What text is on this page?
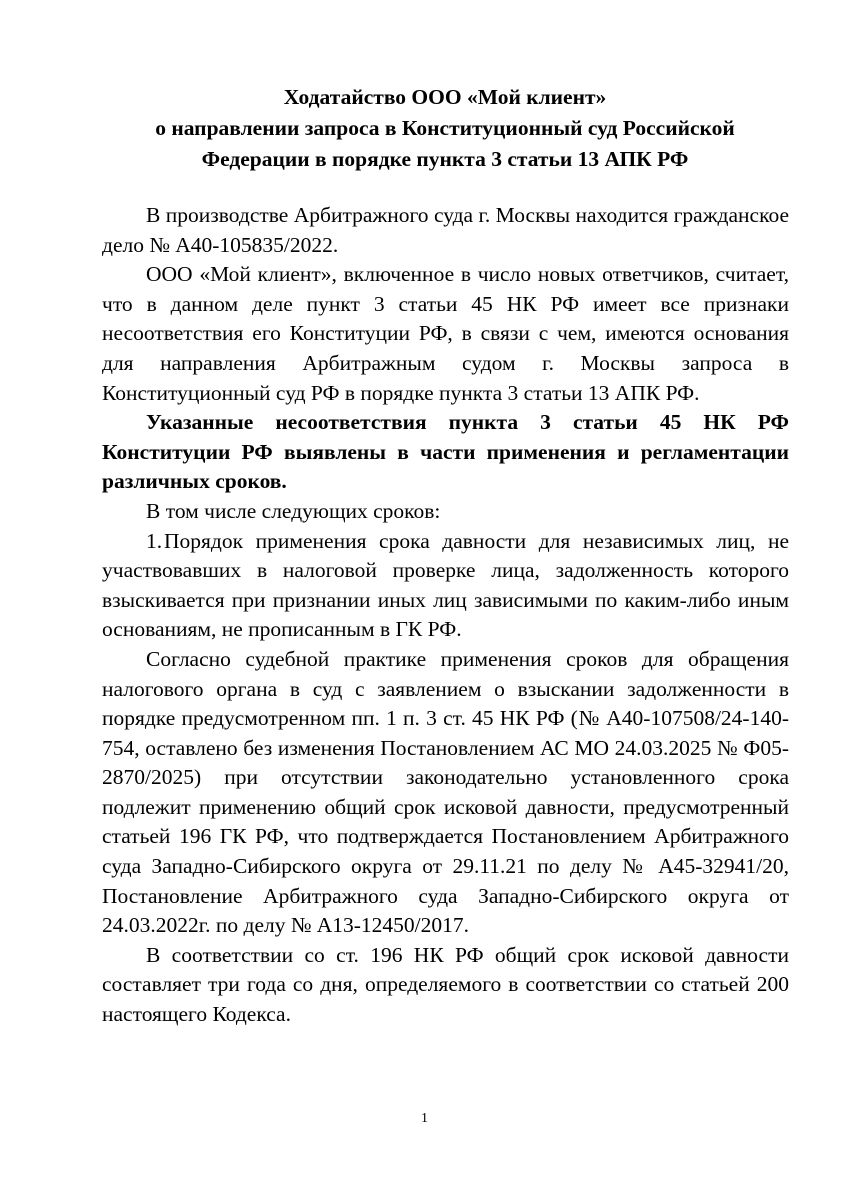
Ходатайство ООО «Мой клиент»
о направлении запроса в Конституционный суд Российской
Федерации в порядке пункта 3 статьи 13 АПК РФ

В производстве Арбитражного суда г. Москвы находится гражданское дело № А40-105835/2022.

ООО «Мой клиент», включенное в число новых ответчиков, считает, что в данном деле пункт 3 статьи 45 НК РФ имеет все признаки несоответствия его Конституции РФ, в связи с чем, имеются основания для направления Арбитражным судом г. Москвы запроса в Конституционный суд РФ в порядке пункта 3 статьи 13 АПК РФ.

Указанные несоответствия пункта 3 статьи 45 НК РФ Конституции РФ выявлены в части применения и регламентации различных сроков.

В том числе следующих сроков:

1.Порядок применения срока давности для независимых лиц, не участвовавших в налоговой проверке лица, задолженность которого взыскивается при признании иных лиц зависимыми по каким-либо иным основаниям, не прописанным в ГК РФ.

Согласно судебной практике применения сроков для обращения налогового органа в суд с заявлением о взыскании задолженности в порядке предусмотренном пп. 1 п. 3 ст. 45 НК РФ (№ А40-107508/24-140-754, оставлено без изменения Постановлением АС МО 24.03.2025 № Ф05-2870/2025) при отсутствии законодательно установленного срока подлежит применению общий срок исковой давности, предусмотренный статьей 196 ГК РФ, что подтверждается Постановлением Арбитражного суда Западно-Сибирского округа от 29.11.21 по делу № А45-32941/20, Постановление Арбитражного суда Западно-Сибирского округа от 24.03.2022г. по делу № А13-12450/2017.

В соответствии со ст. 196 НК РФ общий срок исковой давности составляет три года со дня, определяемого в соответствии со статьей 200 настоящего Кодекса.

1
